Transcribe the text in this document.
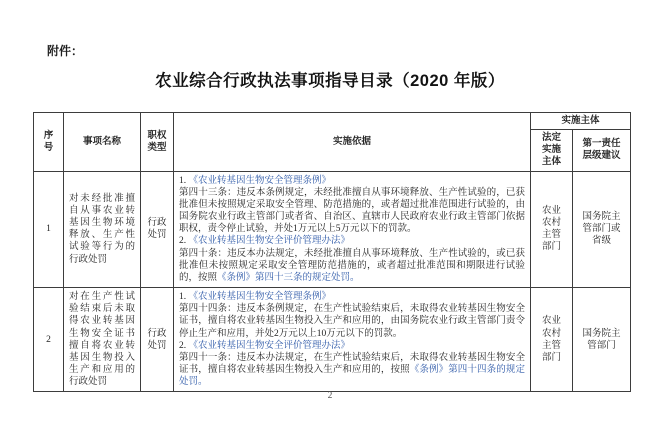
附件：
农业综合行政执法事项指导目录（2020 年版）
序号	事项名称	职权类型	实施依据	实施主体	
				法定实施主体	第一责任层级建议
1	对未经批准擅自从事农业转基因生物环境释放、生产性试验等行为的行政处罚	行政处罚	1. 《农业转基因生物安全管理条例》
第四十三条：违反本条例规定，未经批准擅自从事环境释放、生产性试验的，已获批准但未按照规定采取安全管理、防范措施的，或者超过批准范围进行试验的，由国务院农业行政主管部门或者省、自治区、直辖市人民政府农业行政主管部门依据职权，责令停止试验，并处1万元以上5万元以下的罚款。
2. 《农业转基因生物安全评价管理办法》
第四十条：违反本办法规定，未经批准擅自从事环境释放、生产性试验的，或已获批准但未按照规定采取安全管理防范措施的，或者超过批准范围和期限进行试验的，按照《条例》第四十三条的规定处罚。	农业农村主管部门	国务院主管部门或省级
2	对在生产性试验结束后未取得农业转基因生物安全证书擅自将农业转基因生物投入生产和应用的行政处罚	行政处罚	1. 《农业转基因生物安全管理条例》
第四十四条：违反本条例规定，在生产性试验结束后，未取得农业转基因生物安全证书，擅自将农业转基因生物投入生产和应用的，由国务院农业行政主管部门责令停止生产和应用，并处2万元以上10万元以下的罚款。
2. 《农业转基因生物安全评价管理办法》
第四十一条：违反本办法规定，在生产性试验结束后，未取得农业转基因生物安全证书，擅自将农业转基因生物投入生产和应用的，按照《条例》第四十四条的规定处罚。	农业农村主管部门	国务院主管部门
2
